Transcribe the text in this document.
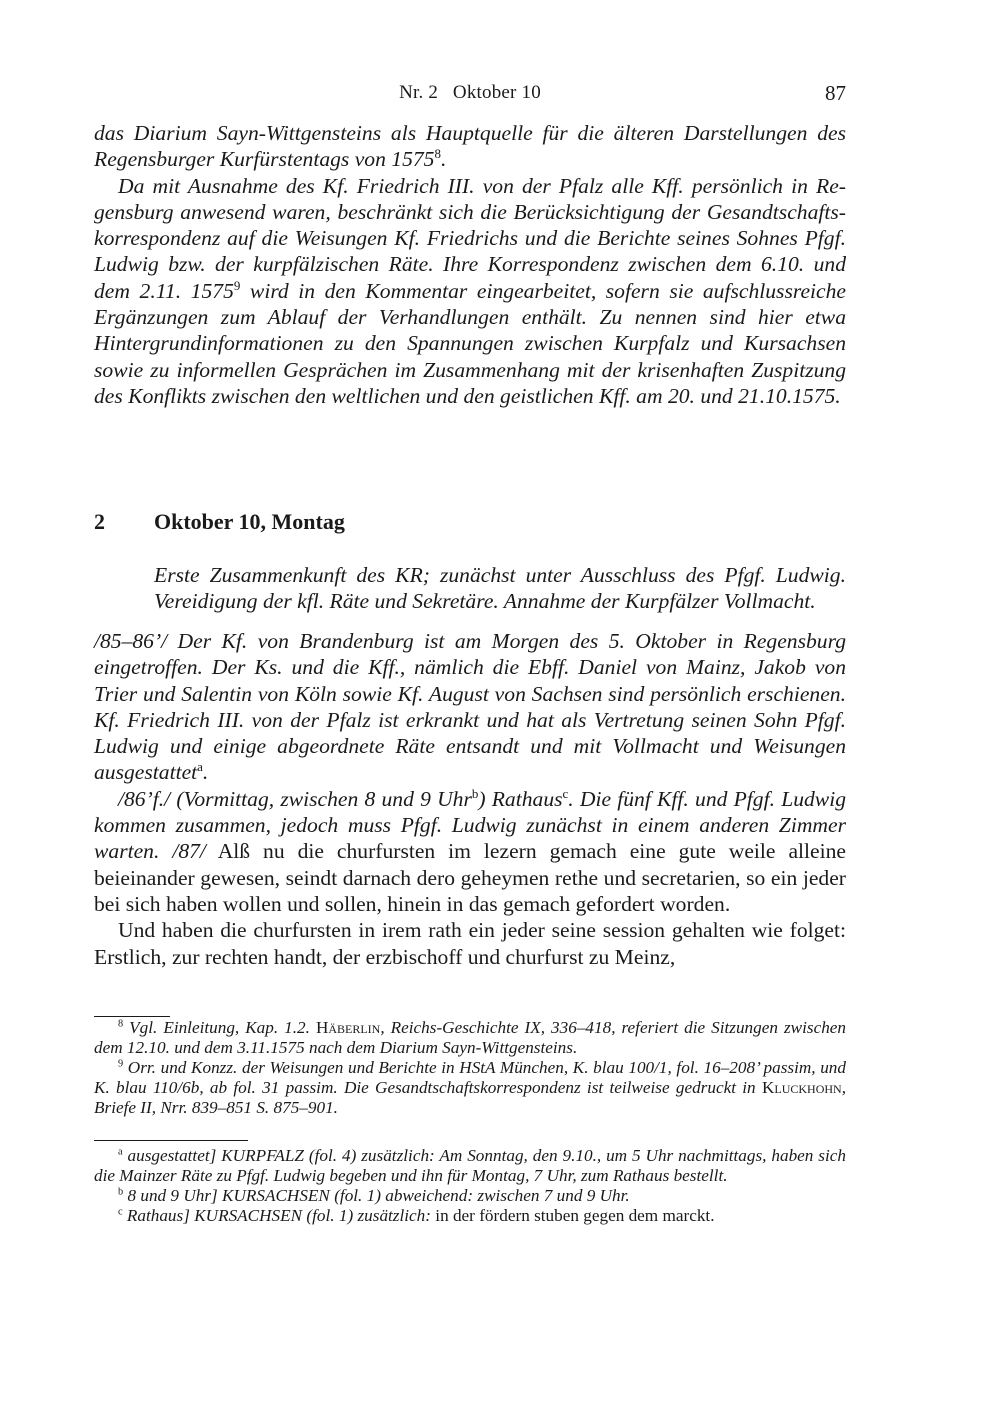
Nr. 2   Oktober 10	87

das Diarium Sayn-Wittgensteins als Hauptquelle für die älteren Darstellungen des Regensburger Kurfürstentags von 1575$^8$.

Da mit Ausnahme des Kf. Friedrich III. von der Pfalz alle Kff. persönlich in Regensburg anwesend waren, beschränkt sich die Berücksichtigung der Gesandtschaftskorrespondenz auf die Weisungen Kf. Friedrichs und die Berichte seines Sohnes Pfgf. Ludwig bzw. der kurpfälzischen Räte. Ihre Korrespondenz zwischen dem 6.10. und dem 2.11. 1575$^9$ wird in den Kommentar eingearbeitet, sofern sie aufschlussreiche Ergänzungen zum Ablauf der Verhandlungen enthält. Zu nennen sind hier etwa Hintergrundinformationen zu den Spannungen zwischen Kurpfalz und Kursachsen sowie zu informellen Gesprächen im Zusammenhang mit der krisenhaften Zuspitzung des Konflikts zwischen den weltlichen und den geistlichen Kff. am 20. und 21.10.1575.

2 Oktober 10, Montag
Erste Zusammenkunft des KR; zunächst unter Ausschluss des Pfgf. Ludwig. Vereidigung der kfl. Räte und Sekretäre. Annahme der Kurpfälzer Vollmacht.

/85–86’/ Der Kf. von Brandenburg ist am Morgen des 5. Oktober in Regensburg eingetroffen. Der Ks. und die Kff., nämlich die Ebff. Daniel von Mainz, Jakob von Trier und Salentin von Köln sowie Kf. August von Sachsen sind persönlich erschienen. Kf. Friedrich III. von der Pfalz ist erkrankt und hat als Vertretung seinen Sohn Pfgf. Ludwig und einige abgeordnete Räte entsandt und mit Vollmacht und Weisungen ausgestattet$^a$.

/86’f./ (Vormittag, zwischen 8 und 9 Uhr$^b$) Rathaus$^c$. Die fünf Kff. und Pfgf. Ludwig kommen zusammen, jedoch muss Pfgf. Ludwig zunächst in einem anderen Zimmer warten. /87/ Alß nu die churfursten im lezern gemach eine gute weile alleine beieinander gewesen, seindt darnach dero geheymen rethe und secretarien, so ein jeder bei sich haben wollen und sollen, hinein in das gemach gefordert worden.

Und haben die churfursten in irem rath ein jeder seine session gehalten wie folget: Erstlich, zur rechten handt, der erzbischoff und churfurst zu Meinz,

$^8$ Vgl. Einleitung, Kap. 1.2. Häberlin, Reichs-Geschichte IX, 336–418, referiert die Sitzungen zwischen dem 12.10. und dem 3.11.1575 nach dem Diarium Sayn-Wittgensteins.

$^9$ Orr. und Konzz. der Weisungen und Berichte in HStA München, K. blau 100/1, fol. 16–208’ passim, und K. blau 110/6b, ab fol. 31 passim. Die Gesandtschaftskorrespondenz ist teilweise gedruckt in Kluckhohn, Briefe II, Nrr. 839–851 S. 875–901.

$^a$ ausgestattet] KURPFALZ (fol. 4) zusätzlich: Am Sonntag, den 9.10., um 5 Uhr nachmittags, haben sich die Mainzer Räte zu Pfgf. Ludwig begeben und ihn für Montag, 7 Uhr, zum Rathaus bestellt.

$^b$ 8 und 9 Uhr] KURSACHSEN (fol. 1) abweichend: zwischen 7 und 9 Uhr.

$^c$ Rathaus] KURSACHSEN (fol. 1) zusätzlich: in der fördern stuben gegen dem marckt.
